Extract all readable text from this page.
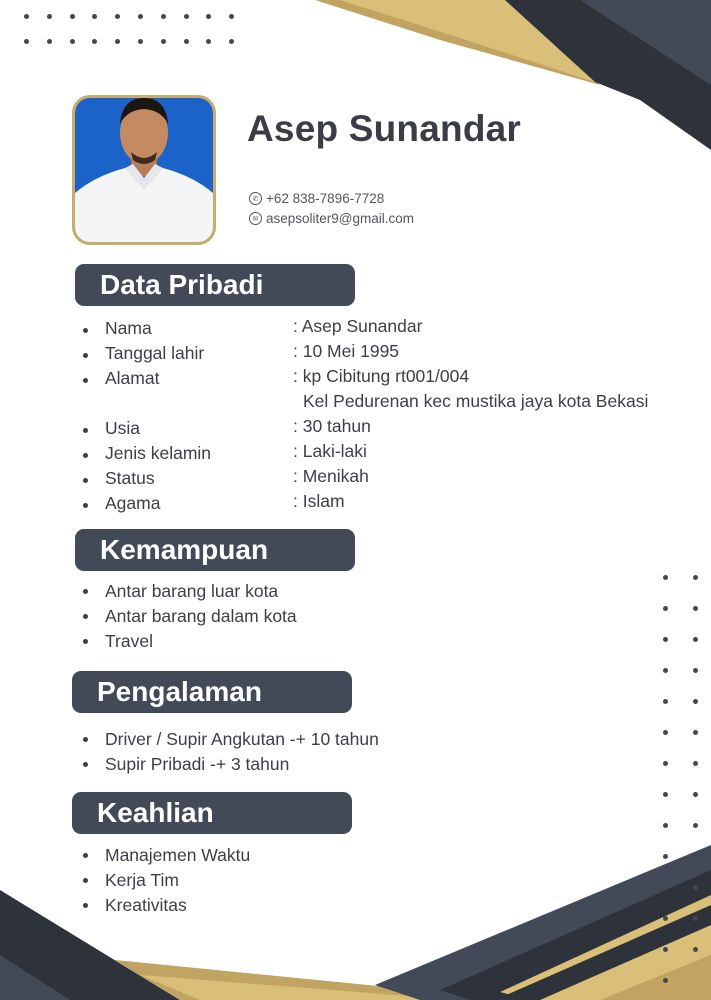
Asep Sunandar
✆ +62 838-7896-7728
✉ asepsoliter9@gmail.com
Data Pribadi
Nama	: Asep Sunandar
Tanggal lahir	: 10 Mei 1995
Alamat	: kp Cibitung rt001/004
Kel Pedurenan kec mustika jaya kota Bekasi
Usia	: 30 tahun
Jenis kelamin	: Laki-laki
Status	: Menikah
Agama	: Islam
Kemampuan
Antar barang luar kota
Antar barang dalam kota
Travel
Pengalaman
Driver / Supir Angkutan -+ 10 tahun
Supir Pribadi -+ 3 tahun
Keahlian
Manajemen Waktu
Kerja Tim
Kreativitas
